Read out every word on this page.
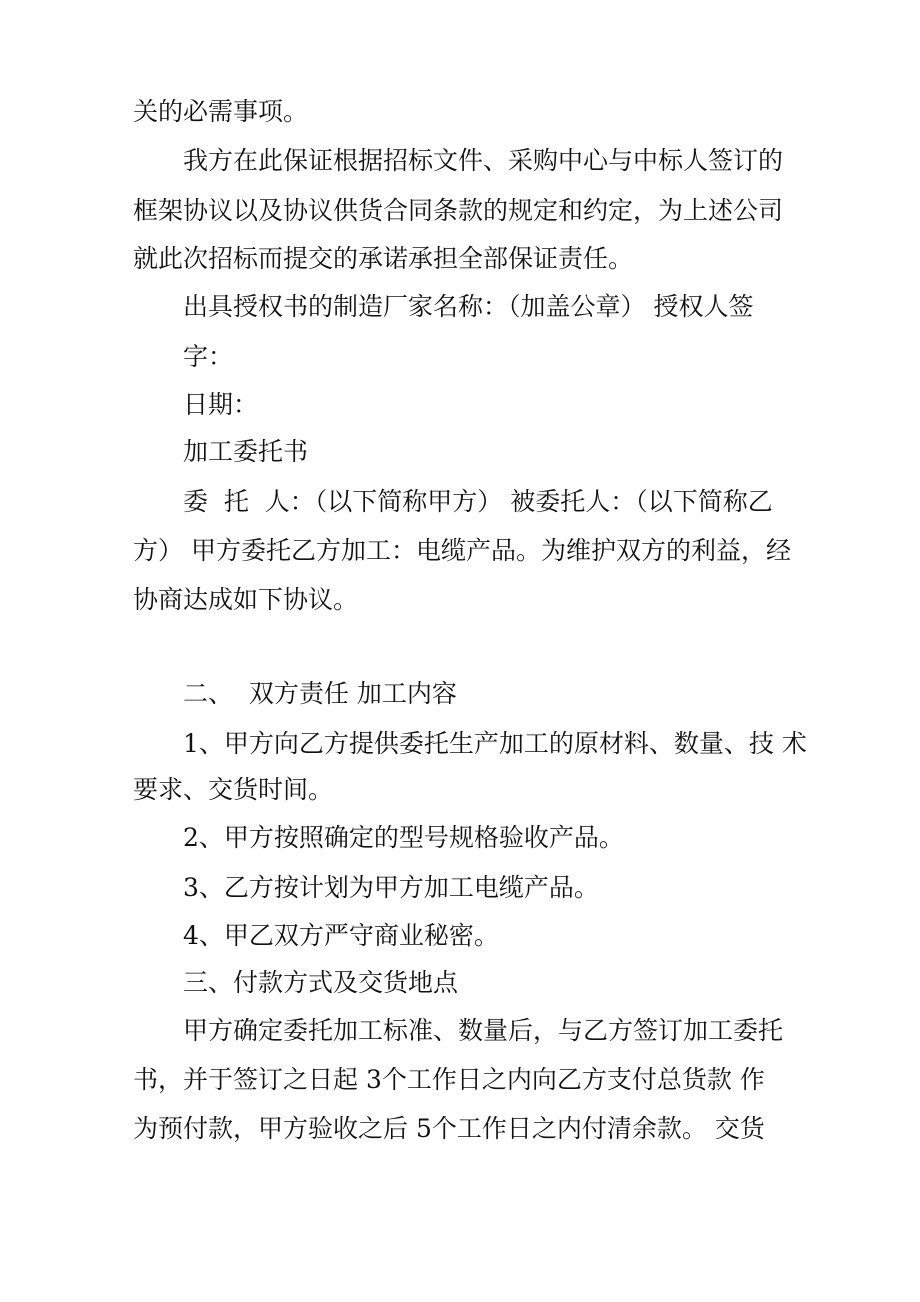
关的必需事项。

我方在此保证根据招标文件、采购中心与中标人签订的

框架协议以及协议供货合同条款的规定和约定，为上述公司

就此次招标而提交的承诺承担全部保证责任。

出具授权书的制造厂家名称：（加盖公章） 授权人签

字：

日期：

加工委托书

委  托  人：（以下简称甲方） 被委托人：（以下简称乙

方） 甲方委托乙方加工：电缆产品。为维护双方的利益，经

协商达成如下协议。

二、  双方责任 加工内容

1、甲方向乙方提供委托生产加工的原材料、数量、技 术

要求、交货时间。

2、甲方按照确定的型号规格验收产品。

3、乙方按计划为甲方加工电缆产品。

4、甲乙双方严守商业秘密。

三、付款方式及交货地点

甲方确定委托加工标准、数量后，与乙方签订加工委托

书，并于签订之日起 3个工作日之内向乙方支付总货款 作

为预付款，甲方验收之后 5个工作日之内付清余款。 交货
